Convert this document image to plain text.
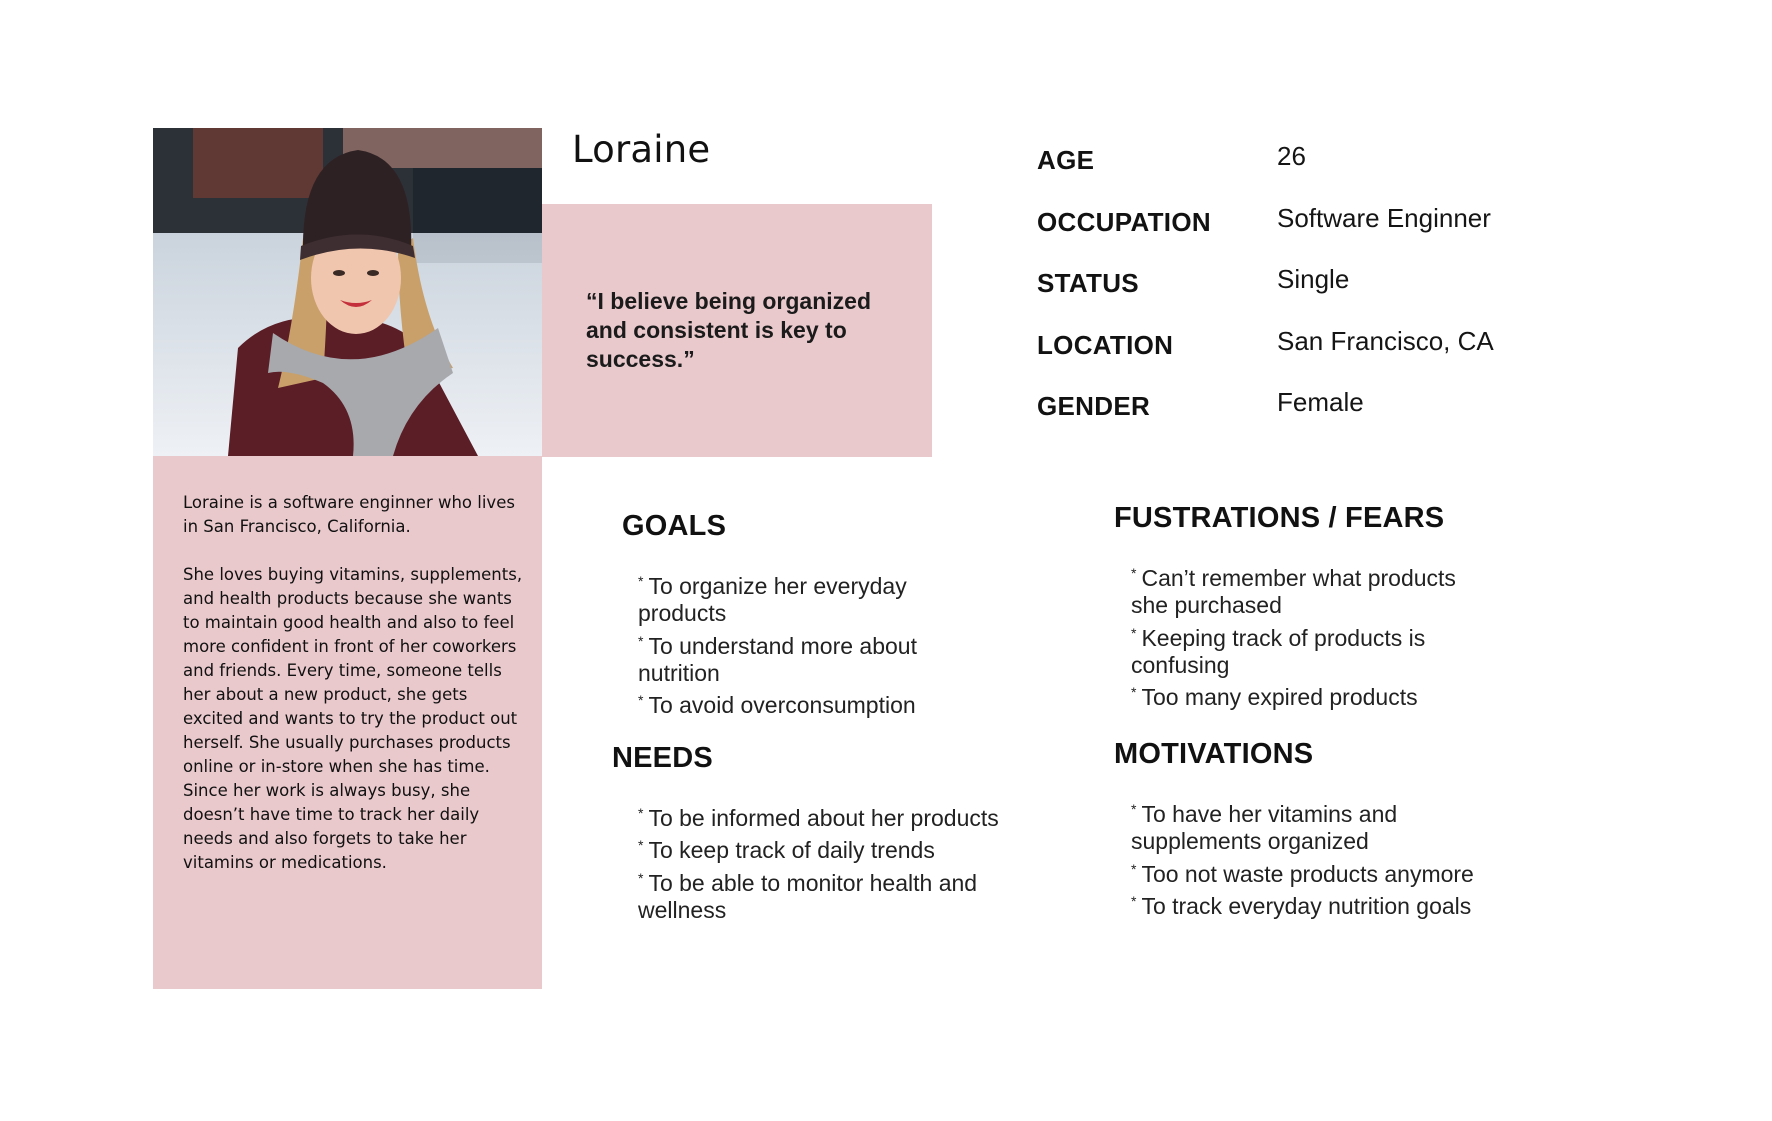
Loraine

“I believe being organized and consistent is key to success.”

AGE	26
OCCUPATION	Software Enginner
STATUS	Single
LOCATION	San Francisco, CA
GENDER	Female

Loraine is a software enginner who lives in San Francisco, California.

She loves buying vitamins, supplements, and health products because she wants to maintain good health and also to feel more confident in front of her coworkers and friends. Every time, someone tells her about a new product, she gets excited and wants to try the product out herself. She usually purchases products online or in-store when she has time. Since her work is always busy, she doesn’t have time to track her daily needs and also forgets to take her vitamins or medications.

GOALS
* To organize her everyday products
* To understand more about nutrition
* To avoid overconsumption
NEEDS
* To be informed about her products
* To keep track of daily trends
* To be able to monitor health and wellness
FUSTRATIONS / FEARS
* Can’t remember what products she purchased
* Keeping track of products is confusing
* Too many expired products
MOTIVATIONS
* To have her vitamins and supplements organized
* Too not waste products anymore
* To track everyday nutrition goals
